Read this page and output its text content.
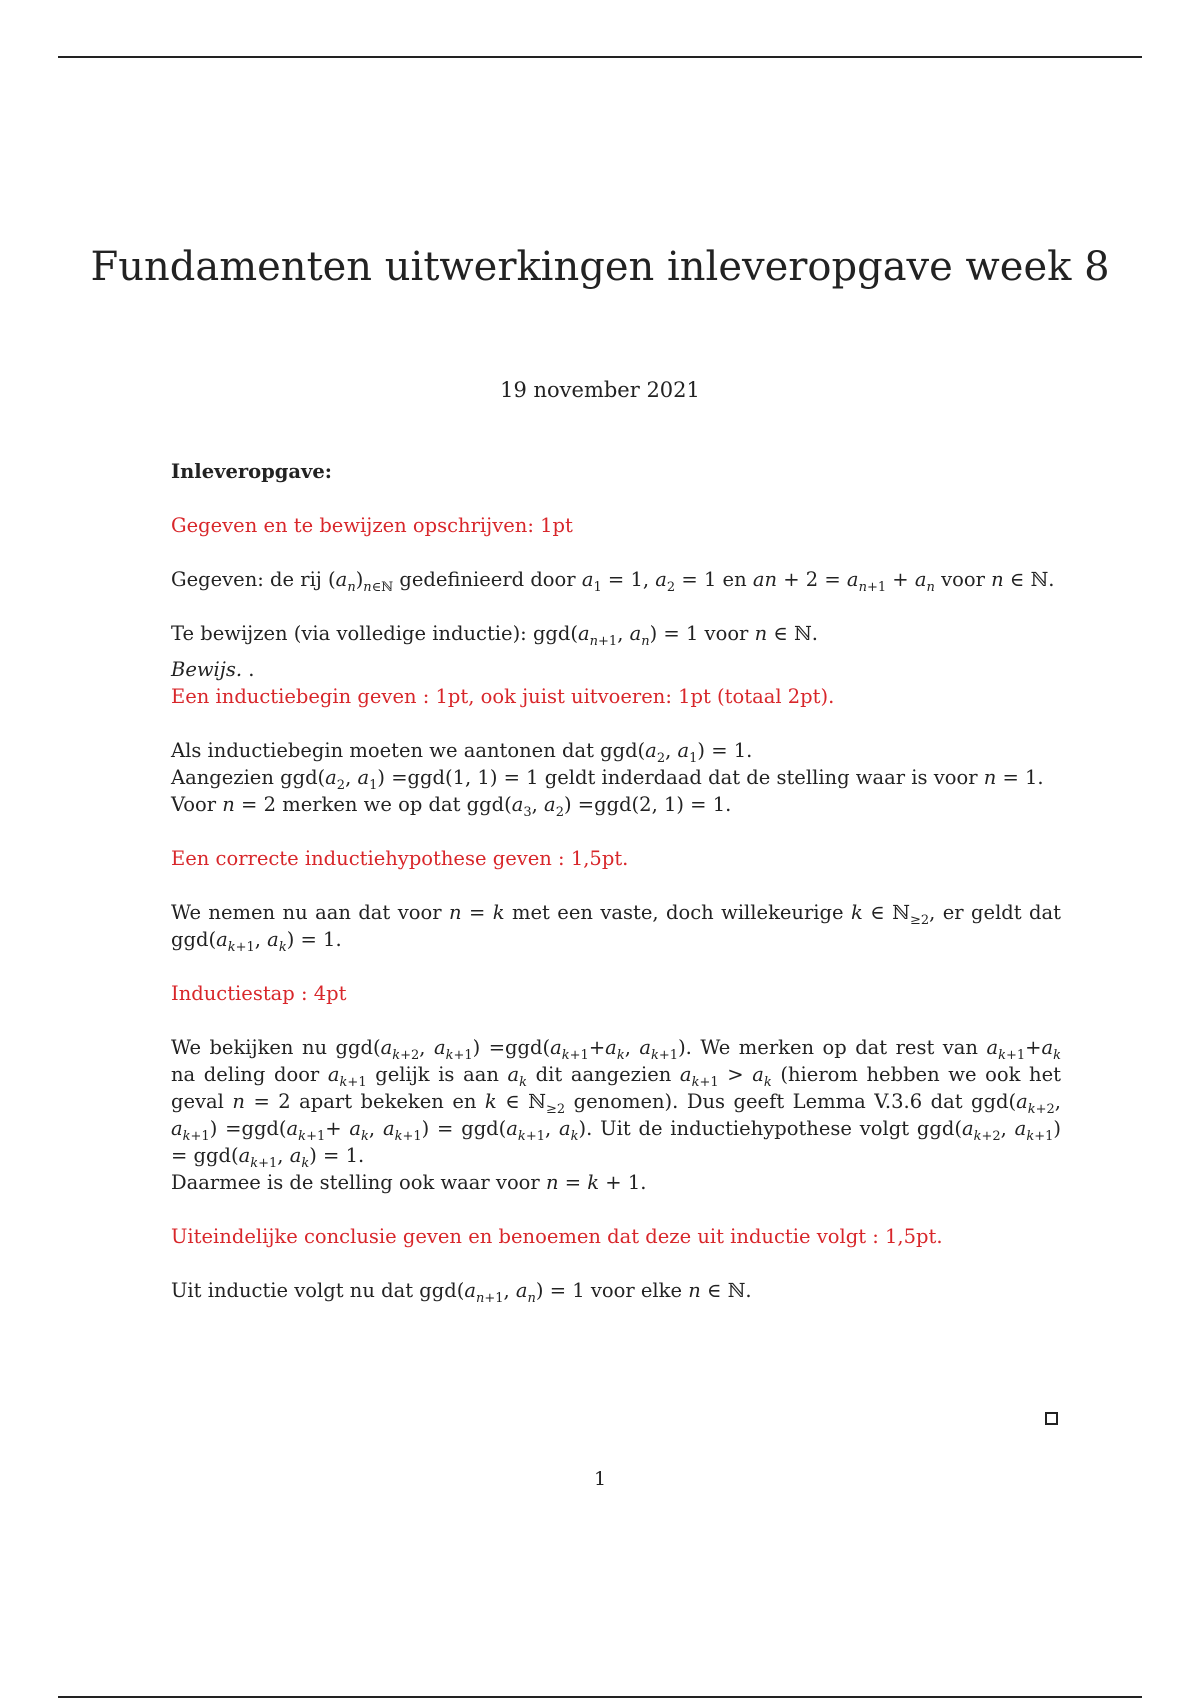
Fundamenten uitwerkingen inleveropgave week 8
19 november 2021

Inleveropgave:

Gegeven en te bewijzen opschrijven: 1pt

Gegeven: de rij $(a_n)_{n\in ℕ}$ gedefinieerd door $a_1 = 1$, $a_2 = 1$ en an + $2 = a_{n+1} + a_n$ voor n ∈ ℕ.

Te bewijzen (via volledige inductie): $ggd(a_{n+1}$, $a_n) = 1$ voor n ∈ ℕ.

Bewijs. .

Een inductiebegin geven : 1pt, ook juist uitvoeren: 1pt (totaal 2pt).

Als inductiebegin moeten we aantonen dat $ggd(a_2$, $a_1) = 1$.

Aangezien $ggd(a_2$, $a_1) =ggd(1$, 1) = 1 geldt inderdaad dat de stelling waar is voor n = 1.

Voor n = 2 merken we op dat $ggd(a_3$, $a_2) =ggd(2$, 1) = 1.

Een correcte inductiehypothese geven : 1,5pt.

We nemen nu aan dat voor n = k met een vaste, doch willekeurige k ∈ ℕ$_{\ge 2}$, er geldt dat $ggd(a_{k+1}$, $a_k) = 1$.

Inductiestap : 4pt

We bekijken nu $ggd(a_{k+2}$, $a_{k+1}) =ggd(a_{k+1}+a_k$, $a_{k+1}$). We merken op dat rest van $a_{k+1}+a_k$ na deling door $a_{k+1}$ gelijk is aan $a_k$ dit aangezien $a_{k+1} > a_k$ (hierom hebben we ook het geval n = 2 apart bekeken en k ∈ ℕ$_{\ge 2}$ genomen). Dus geeft Lemma V.3.6 dat $ggd(a_{k+2}$, $a_{k+1}) =ggd(a_{k+1}+ a_k$, $a_{k+1}) = ggd(a_{k+1}$, $a_k$). Uit de inductiehypothese volgt $ggd(a_{k+2}$, $a_{k+1}) = ggd(a_{k+1}$, $a_k) = 1$.

Daarmee is de stelling ook waar voor n = k + 1.

Uiteindelijke conclusie geven en benoemen dat deze uit inductie volgt : 1,5pt.

Uit inductie volgt nu dat $ggd(a_{n+1}$, $a_n) = 1$ voor elke n ∈ ℕ.

1
